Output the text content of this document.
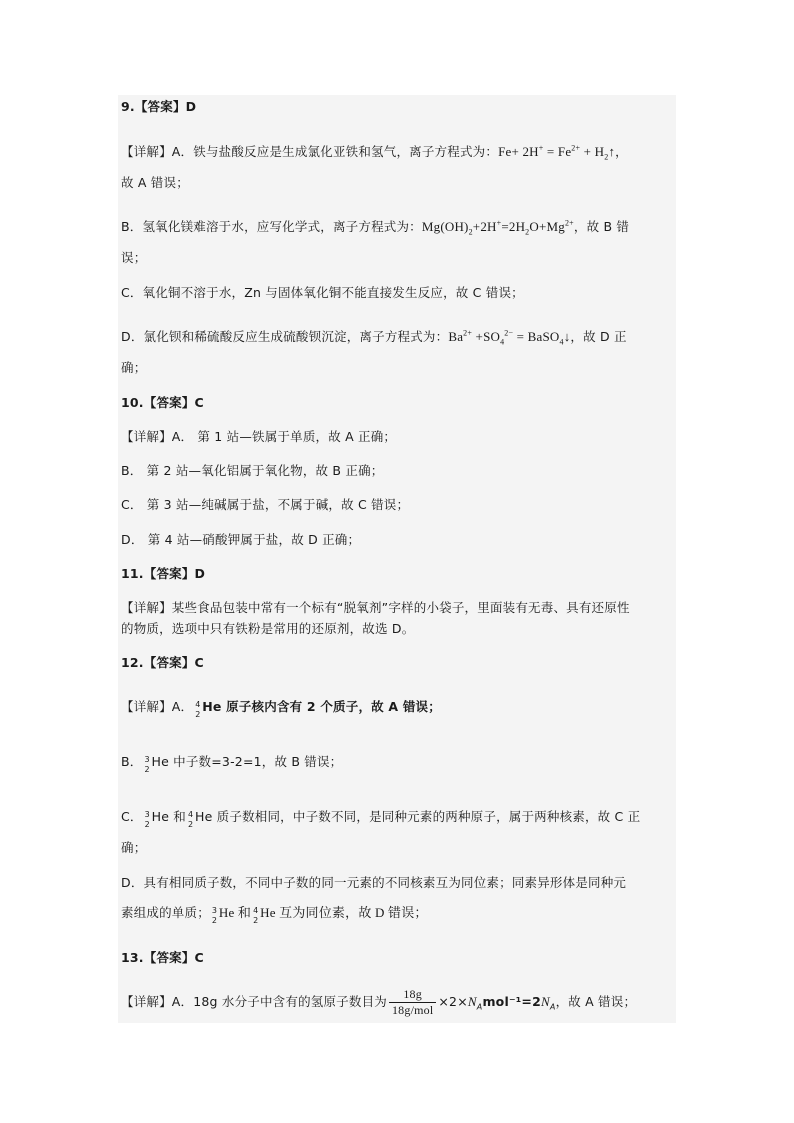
9.【答案】D
【详解】A．铁与盐酸反应是生成氯化亚铁和氢气，离子方程式为：$Fe+ 2H^+ = Fe^{2+}$ + $H_2↑$，
故 A 错误；
B．氢氧化镁难溶于水，应写化学式，离子方程式为：$Mg(OH)_2+2H^+=2H_2O+Mg^{2+}$，故 B 错
误；
C．氧化铜不溶于水，Zn 与固体氧化铜不能直接发生反应，故 C 错误；
D．氯化钡和稀硫酸反应生成硫酸钡沉淀，离子方程式为：$Ba^{2+} +SO_4^{2-}$ = BaSO$_4$↓，故 D 正
确；
10.【答案】C
【详解】A． 第 1 站—铁属于单质，故 A 正确；
B． 第 2 站—氧化铝属于氧化物，故 B 正确；
C． 第 3 站—纯碱属于盐，不属于碱，故 C 错误；
D． 第 4 站—硝酸钾属于盐，故 D 正确；
11.【答案】D
【详解】某些食品包装中常有一个标有“脱氧剂”字样的小袋子，里面装有无毒、具有还原性
的物质，选项中只有铁粉是常用的还原剂，故选 D。
12.【答案】C
【详解】A． 4
2
He 原子核内含有 2 个质子，故 A 错误；
B． 3
2
He 中子数=3-2=1，故 B 错误；
C． 3
2
He 和 4
2
He 质子数相同，中子数不同，是同种元素的两种原子，属于两种核素，故 C 正
确；
D．具有相同质子数，不同中子数的同一元素的不同核素互为同位素；同素异形体是同种元
素组成的单质； 3
2
He 和 4
2
He 互为同位素，故 D 错误；
13.【答案】C
【详解】A．18g 水分子中含有的氢原子数目为 $\frac{18g}{\text{18g/mol}} \times 2\times N_Amol^{-1}=2N_A$，故 A 错误；
